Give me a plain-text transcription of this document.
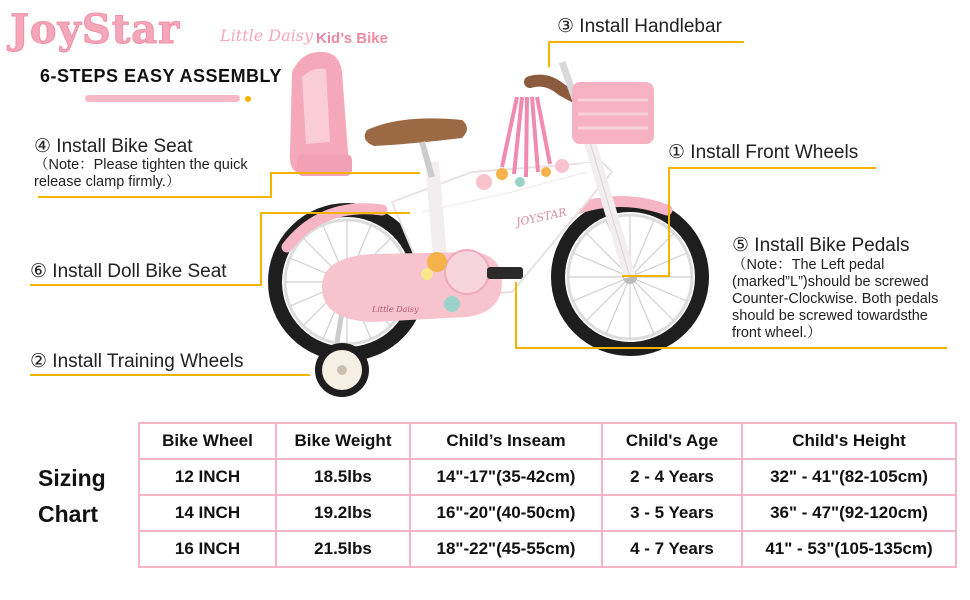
JoyStar Little Daisy Kid’s Bike
6-STEPS EASY ASSEMBLY
JOYSTAR
Little Daisy
Little Daisy
③ Install Handlebar
① Install Front Wheels
④ Install Bike Seat
（Note：Please tighten the quick release clamp firmly.）
⑤ Install Bike Pedals
（Note：The Left pedal (marked”L”)should be screwed Counter-Clockwise. Both pedals should be screwed towardsthe front wheel.）
⑥ Install Doll Bike Seat
② Install Training Wheels
Sizing
Chart
Bike Wheel	Bike Weight	Child’s Inseam	Child's Age	Child's Height
12 INCH	18.5lbs	14"-17"(35-42cm)	2 - 4 Years	32" - 41"(82-105cm)
14 INCH	19.2lbs	16"-20"(40-50cm)	3 - 5 Years	36" - 47"(92-120cm)
16 INCH	21.5lbs	18"-22"(45-55cm)	4 - 7 Years	41" - 53"(105-135cm)
